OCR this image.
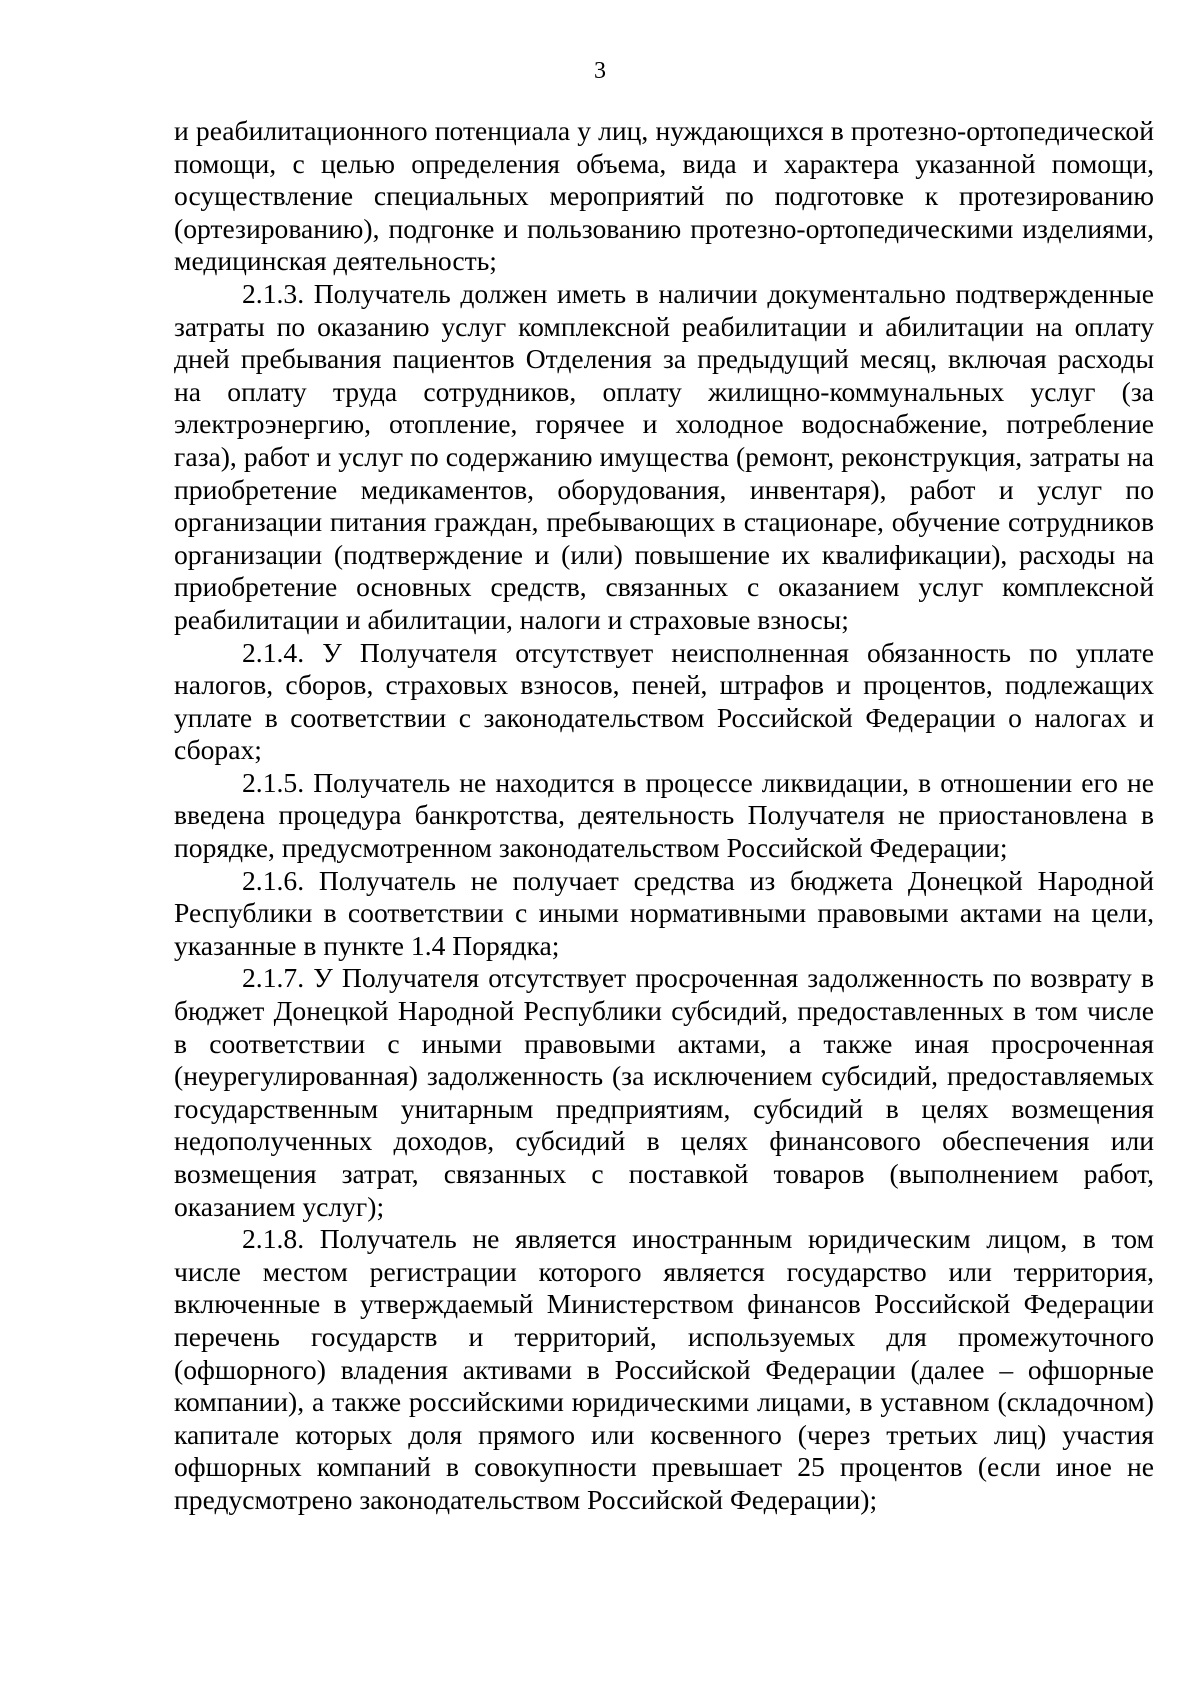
3

и реабилитационного потенциала у лиц, нуждающихся в протезно-ортопедической помощи, с целью определения объема, вида и характера указанной помощи, осуществление специальных мероприятий по подготовке к протезированию (ортезированию), подгонке и пользованию протезно-ортопедическими изделиями, медицинская деятельность;

2.1.3. Получатель должен иметь в наличии документально подтвержденные затраты по оказанию услуг комплексной реабилитации и абилитации на оплату дней пребывания пациентов Отделения за предыдущий месяц, включая расходы на оплату труда сотрудников, оплату жилищно-коммунальных услуг (за электроэнергию, отопление, горячее и холодное водоснабжение, потребление газа), работ и услуг по содержанию имущества (ремонт, реконструкция, затраты на приобретение медикаментов, оборудования, инвентаря), работ и услуг по организации питания граждан, пребывающих в стационаре, обучение сотрудников организации (подтверждение и (или) повышение их квалификации), расходы на приобретение основных средств, связанных с оказанием услуг комплексной реабилитации и абилитации, налоги и страховые взносы;

2.1.4. У Получателя отсутствует неисполненная обязанность по уплате налогов, сборов, страховых взносов, пеней, штрафов и процентов, подлежащих уплате в соответствии с законодательством Российской Федерации о налогах и сборах;

2.1.5. Получатель не находится в процессе ликвидации, в отношении его не введена процедура банкротства, деятельность Получателя не приостановлена в порядке, предусмотренном законодательством Российской Федерации;

2.1.6. Получатель не получает средства из бюджета Донецкой Народной Республики в соответствии с иными нормативными правовыми актами на цели, указанные в пункте 1.4 Порядка;

2.1.7. У Получателя отсутствует просроченная задолженность по возврату в бюджет Донецкой Народной Республики субсидий, предоставленных в том числе в соответствии с иными правовыми актами, а также иная просроченная (неурегулированная) задолженность (за исключением субсидий, предоставляемых государственным унитарным предприятиям, субсидий в целях возмещения недополученных доходов, субсидий в целях финансового обеспечения или возмещения затрат, связанных с поставкой товаров (выполнением работ, оказанием услуг);

2.1.8. Получатель не является иностранным юридическим лицом, в том числе местом регистрации которого является государство или территория, включенные в утверждаемый Министерством финансов Российской Федерации перечень государств и территорий, используемых для промежуточного (офшорного) владения активами в Российской Федерации (далее – офшорные компании), а также российскими юридическими лицами, в уставном (складочном) капитале которых доля прямого или косвенного (через третьих лиц) участия офшорных компаний в совокупности превышает 25 процентов (если иное не предусмотрено законодательством Российской Федерации);
